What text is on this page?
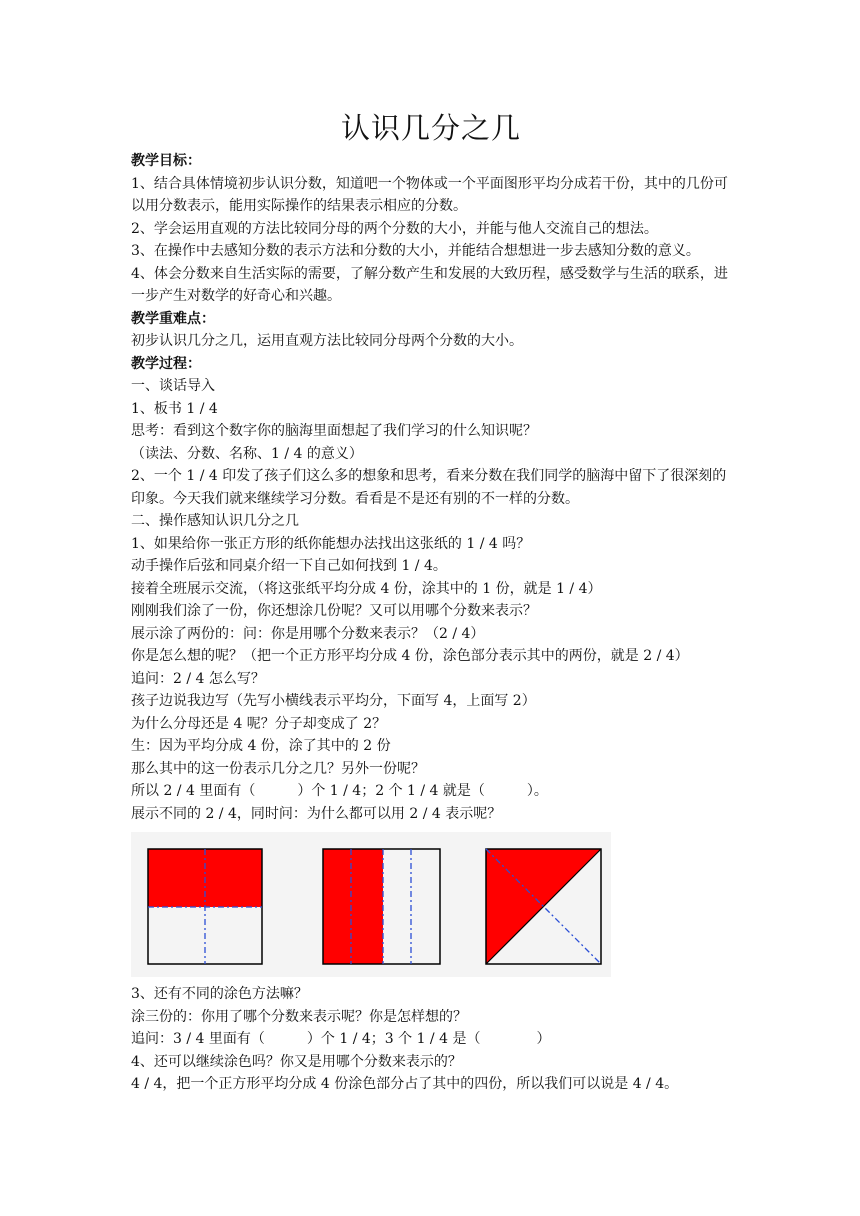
认识几分之几
教学目标：
1、结合具体情境初步认识分数，知道吧一个物体或一个平面图形平均分成若干份，其中的几份可以用分数表示，能用实际操作的结果表示相应的分数。
2、学会运用直观的方法比较同分母的两个分数的大小，并能与他人交流自己的想法。
3、在操作中去感知分数的表示方法和分数的大小，并能结合想想进一步去感知分数的意义。
4、体会分数来自生活实际的需要，了解分数产生和发展的大致历程，感受数学与生活的联系，进一步产生对数学的好奇心和兴趣。
教学重难点：
初步认识几分之几，运用直观方法比较同分母两个分数的大小。
教学过程：
一、谈话导入
1、板书 1 / 4
思考：看到这个数字你的脑海里面想起了我们学习的什么知识呢？
（读法、分数、名称、1 / 4 的意义）
2、一个 1 / 4 印发了孩子们这么多的想象和思考，看来分数在我们同学的脑海中留下了很深刻的印象。今天我们就来继续学习分数。看看是不是还有别的不一样的分数。
二、操作感知认识几分之几
1、如果给你一张正方形的纸你能想办法找出这张纸的 1 / 4 吗？
动手操作后弦和同桌介绍一下自己如何找到 1 / 4。
接着全班展示交流，（将这张纸平均分成 4 份，涂其中的 1 份，就是 1 / 4）
刚刚我们涂了一份，你还想涂几份呢？又可以用哪个分数来表示？
展示涂了两份的：问：你是用哪个分数来表示？（2 / 4）
你是怎么想的呢？（把一个正方形平均分成 4 份，涂色部分表示其中的两份，就是 2 / 4）
追问：2 / 4 怎么写？
孩子边说我边写（先写小横线表示平均分，下面写 4，上面写 2）
为什么分母还是 4 呢？分子却变成了 2？
生：因为平均分成 4 份，涂了其中的 2 份
那么其中的这一份表示几分之几？另外一份呢？
所以 2 / 4 里面有（　　　）个 1 / 4；2 个 1 / 4 就是（　　　）。
展示不同的 2 / 4，同时问：为什么都可以用 2 / 4 表示呢？
3、还有不同的涂色方法嘛？
涂三份的：你用了哪个分数来表示呢？你是怎样想的？
追问：3 / 4 里面有（　　　）个 1 / 4；3 个 1 / 4 是（　　　　）
4、还可以继续涂色吗？你又是用哪个分数来表示的？
4 / 4，把一个正方形平均分成 4 份涂色部分占了其中的四份，所以我们可以说是 4 / 4。
